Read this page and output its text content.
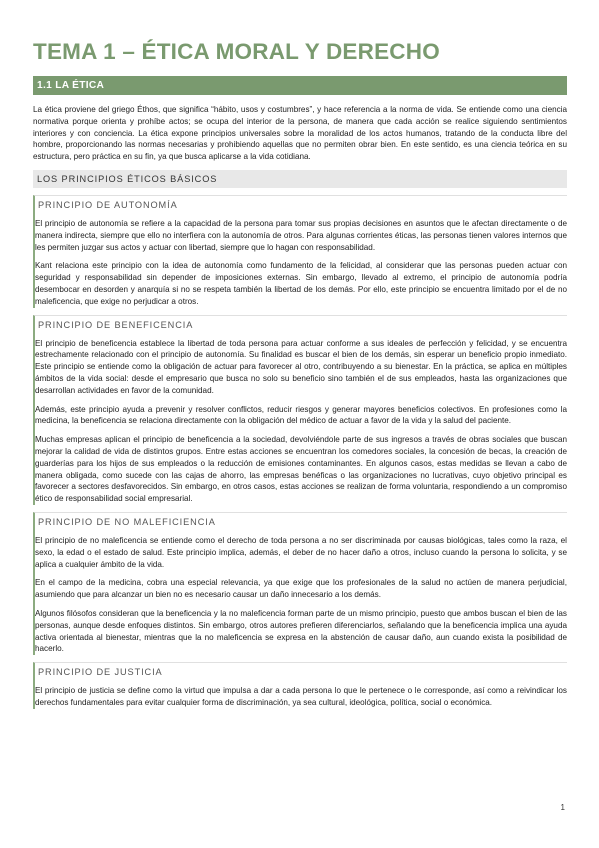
TEMA 1 – ÉTICA MORAL Y DERECHO
1.1 LA ÉTICA

La ética proviene del griego Éthos, que significa “hábito, usos y costumbres”, y hace referencia a la norma de vida. Se entiende como una ciencia normativa porque orienta y prohíbe actos; se ocupa del interior de la persona, de manera que cada acción se realice siguiendo sentimientos interiores y con conciencia. La ética expone principios universales sobre la moralidad de los actos humanos, tratando de la conducta libre del hombre, proporcionando las normas necesarias y prohibiendo aquellas que no permiten obrar bien. En este sentido, es una ciencia teórica en su estructura, pero práctica en su fin, ya que busca aplicarse a la vida cotidiana.

LOS PRINCIPIOS ÉTICOS BÁSICOS
PRINCIPIO DE AUTONOMÍA

El principio de autonomía se refiere a la capacidad de la persona para tomar sus propias decisiones en asuntos que le afectan directamente o de manera indirecta, siempre que ello no interfiera con la autonomía de otros. Para algunas corrientes éticas, las personas tienen valores internos que les permiten juzgar sus actos y actuar con libertad, siempre que lo hagan con responsabilidad.

Kant relaciona este principio con la idea de autonomía como fundamento de la felicidad, al considerar que las personas pueden actuar con seguridad y responsabilidad sin depender de imposiciones externas. Sin embargo, llevado al extremo, el principio de autonomía podría desembocar en desorden y anarquía si no se respeta también la libertad de los demás. Por ello, este principio se encuentra limitado por el de no maleficencia, que exige no perjudicar a otros.

PRINCIPIO DE BENEFICENCIA

El principio de beneficencia establece la libertad de toda persona para actuar conforme a sus ideales de perfección y felicidad, y se encuentra estrechamente relacionado con el principio de autonomía. Su finalidad es buscar el bien de los demás, sin esperar un beneficio propio inmediato. Este principio se entiende como la obligación de actuar para favorecer al otro, contribuyendo a su bienestar. En la práctica, se aplica en múltiples ámbitos de la vida social: desde el empresario que busca no solo su beneficio sino también el de sus empleados, hasta las organizaciones que desarrollan actividades en favor de la comunidad.

Además, este principio ayuda a prevenir y resolver conflictos, reducir riesgos y generar mayores beneficios colectivos. En profesiones como la medicina, la beneficencia se relaciona directamente con la obligación del médico de actuar a favor de la vida y la salud del paciente.

Muchas empresas aplican el principio de beneficencia a la sociedad, devolviéndole parte de sus ingresos a través de obras sociales que buscan mejorar la calidad de vida de distintos grupos. Entre estas acciones se encuentran los comedores sociales, la concesión de becas, la creación de guarderías para los hijos de sus empleados o la reducción de emisiones contaminantes. En algunos casos, estas medidas se llevan a cabo de manera obligada, como sucede con las cajas de ahorro, las empresas benéficas o las organizaciones no lucrativas, cuyo objetivo principal es favorecer a sectores desfavorecidos. Sin embargo, en otros casos, estas acciones se realizan de forma voluntaria, respondiendo a un compromiso ético de responsabilidad social empresarial.

PRINCIPIO DE NO MALEFICIENCIA

El principio de no maleficencia se entiende como el derecho de toda persona a no ser discriminada por causas biológicas, tales como la raza, el sexo, la edad o el estado de salud. Este principio implica, además, el deber de no hacer daño a otros, incluso cuando la persona lo solicita, y se aplica a cualquier ámbito de la vida.

En el campo de la medicina, cobra una especial relevancia, ya que exige que los profesionales de la salud no actúen de manera perjudicial, asumiendo que para alcanzar un bien no es necesario causar un daño innecesario a los demás.

Algunos filósofos consideran que la beneficencia y la no maleficencia forman parte de un mismo principio, puesto que ambos buscan el bien de las personas, aunque desde enfoques distintos. Sin embargo, otros autores prefieren diferenciarlos, señalando que la beneficencia implica una ayuda activa orientada al bienestar, mientras que la no maleficencia se expresa en la abstención de causar daño, aun cuando exista la posibilidad de hacerlo.

PRINCIPIO DE JUSTICIA

El principio de justicia se define como la virtud que impulsa a dar a cada persona lo que le pertenece o le corresponde, así como a reivindicar los derechos fundamentales para evitar cualquier forma de discriminación, ya sea cultural, ideológica, política, social o económica.

1
